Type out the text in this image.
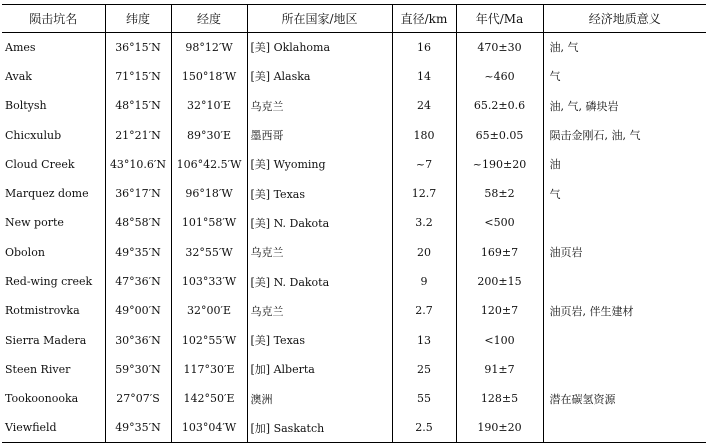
陨击坑名	纬度	经度	所在国家/地区	直径/km	年代/Ma	经济地质意义
Ames	36°15′N	98°12′W	[美] Oklahoma	16	470±30	油, 气
Avak	71°15′N	150°18′W	[美] Alaska	14	~460	气
Boltysh	48°15′N	32°10′E	乌克兰	24	65.2±0.6	油, 气, 磷块岩
Chicxulub	21°21′N	89°30′E	墨西哥	180	65±0.05	陨击金刚石, 油, 气
Cloud Creek	43°10.6′N	106°42.5′W	[美] Wyoming	~7	~190±20	油
Marquez dome	36°17′N	96°18′W	[美] Texas	12.7	58±2	气
New porte	48°58′N	101°58′W	[美] N. Dakota	3.2	<500	
Obolon	49°35′N	32°55′W	乌克兰	20	169±7	油页岩
Red-wing creek	47°36′N	103°33′W	[美] N. Dakota	9	200±15	
Rotmistrovka	49°00′N	32°00′E	乌克兰	2.7	120±7	油页岩, 伴生建材
Sierra Madera	30°36′N	102°55′W	[美] Texas	13	<100	
Steen River	59°30′N	117°30′E	[加] Alberta	25	91±7	
Tookoonooka	27°07′S	142°50′E	澳洲	55	128±5	潜在碳氢资源
Viewfield	49°35′N	103°04′W	[加] Saskatch	2.5	190±20	
